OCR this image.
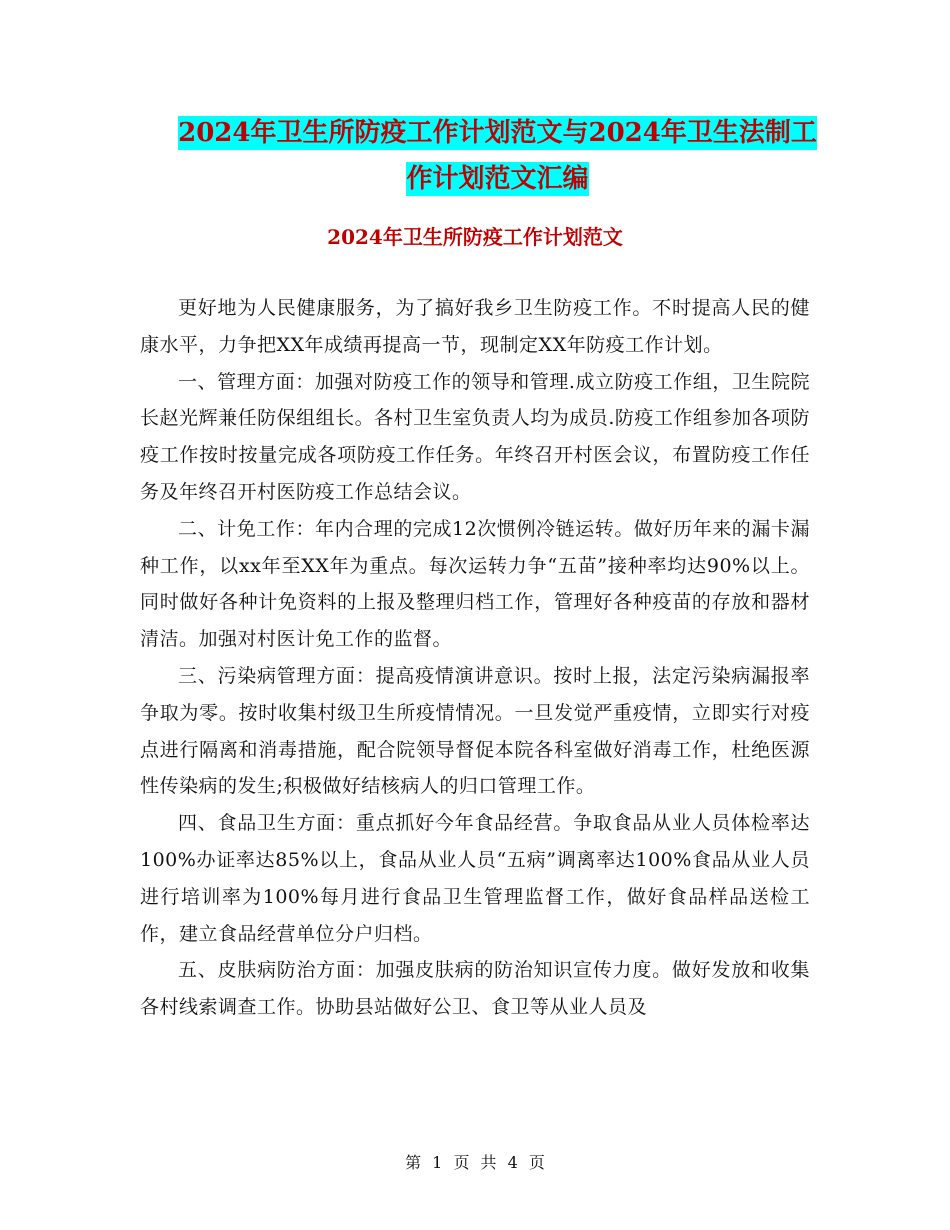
2024年卫生所防疫工作计划范文与2024年卫生法制工
作计划范文汇编
2024年卫生所防疫工作计划范文

更好地为人民健康服务，为了搞好我乡卫生防疫工作。不时提高人民的健康水平，力争把XX年成绩再提高一节，现制定XX年防疫工作计划。

一、管理方面：加强对防疫工作的领导和管理.成立防疫工作组，卫生院院长赵光辉兼任防保组组长。各村卫生室负责人均为成员.防疫工作组参加各项防疫工作按时按量完成各项防疫工作任务。年终召开村医会议，布置防疫工作任务及年终召开村医防疫工作总结会议。

二、计免工作：年内合理的完成12次惯例冷链运转。做好历年来的漏卡漏种工作，以xx年至XX年为重点。每次运转力争“五苗”接种率均达90%以上。同时做好各种计免资料的上报及整理归档工作，管理好各种疫苗的存放和器材清洁。加强对村医计免工作的监督。

三、污染病管理方面：提高疫情演讲意识。按时上报，法定污染病漏报率争取为零。按时收集村级卫生所疫情情况。一旦发觉严重疫情，立即实行对疫点进行隔离和消毒措施，配合院领导督促本院各科室做好消毒工作，杜绝医源性传染病的发生;积极做好结核病人的归口管理工作。

四、食品卫生方面：重点抓好今年食品经营。争取食品从业人员体检率达100%办证率达85%以上，食品从业人员“五病”调离率达100%食品从业人员进行培训率为100%每月进行食品卫生管理监督工作，做好食品样品送检工作，建立食品经营单位分户归档。

五、皮肤病防治方面：加强皮肤病的防治知识宣传力度。做好发放和收集各村线索调查工作。协助县站做好公卫、食卫等从业人员及

第 1 页 共 4 页
